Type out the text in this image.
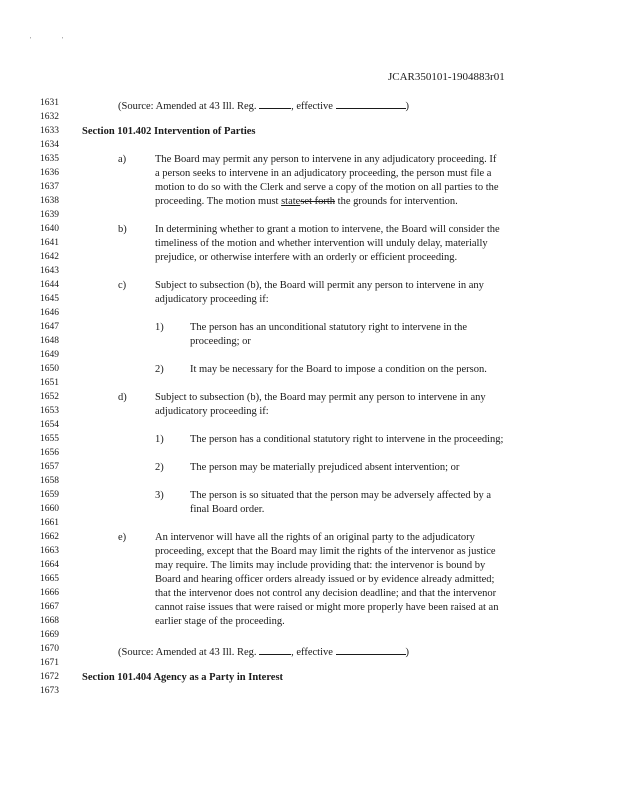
'	'
JCAR350101-1904883r01
1631
1632
1633
1634
1635
1636
1637
1638
1639
1640
1641
1642
1643
1644
1645
1646
1647
1648
1649
1650
1651
1652
1653
1654
1655
1656
1657
1658
1659
1660
1661
1662
1663
1664
1665
1666
1667
1668
1669
1670
1671
1672
1673
(Source: Amended at 43 Ill. Reg.	, effective	)
Section 101.402 Intervention of Parties
a)	The Board may permit any person to intervene in any adjudicatory proceeding. If
a person seeks to intervene in an adjudicatory proceeding, the person must file a
motion to do so with the Clerk and serve a copy of the motion on all parties to the
proceeding. The motion must stateset forth the grounds for intervention.
b)	In determining whether to grant a motion to intervene, the Board will consider the
timeliness of the motion and whether intervention will unduly delay, materially
prejudice, or otherwise interfere with an orderly or efficient proceeding.
c)	Subject to subsection (b), the Board will permit any person to intervene in any
adjudicatory proceeding if:
1)	The person has an unconditional statutory right to intervene in the
proceeding; or
2)	It may be necessary for the Board to impose a condition on the person.
d)	Subject to subsection (b), the Board may permit any person to intervene in any
adjudicatory proceeding if:
1)	The person has a conditional statutory right to intervene in the proceeding;
2)	The person may be materially prejudiced absent intervention; or
3)	The person is so situated that the person may be adversely affected by a
final Board order.
e)	An intervenor will have all the rights of an original party to the adjudicatory
proceeding, except that the Board may limit the rights of the intervenor as justice
may require. The limits may include providing that: the intervenor is bound by
Board and hearing officer orders already issued or by evidence already admitted;
that the intervenor does not control any decision deadline; and that the intervenor
cannot raise issues that were raised or might more properly have been raised at an
earlier stage of the proceeding.
(Source: Amended at 43 Ill. Reg.	, effective	)
Section 101.404 Agency as a Party in Interest
